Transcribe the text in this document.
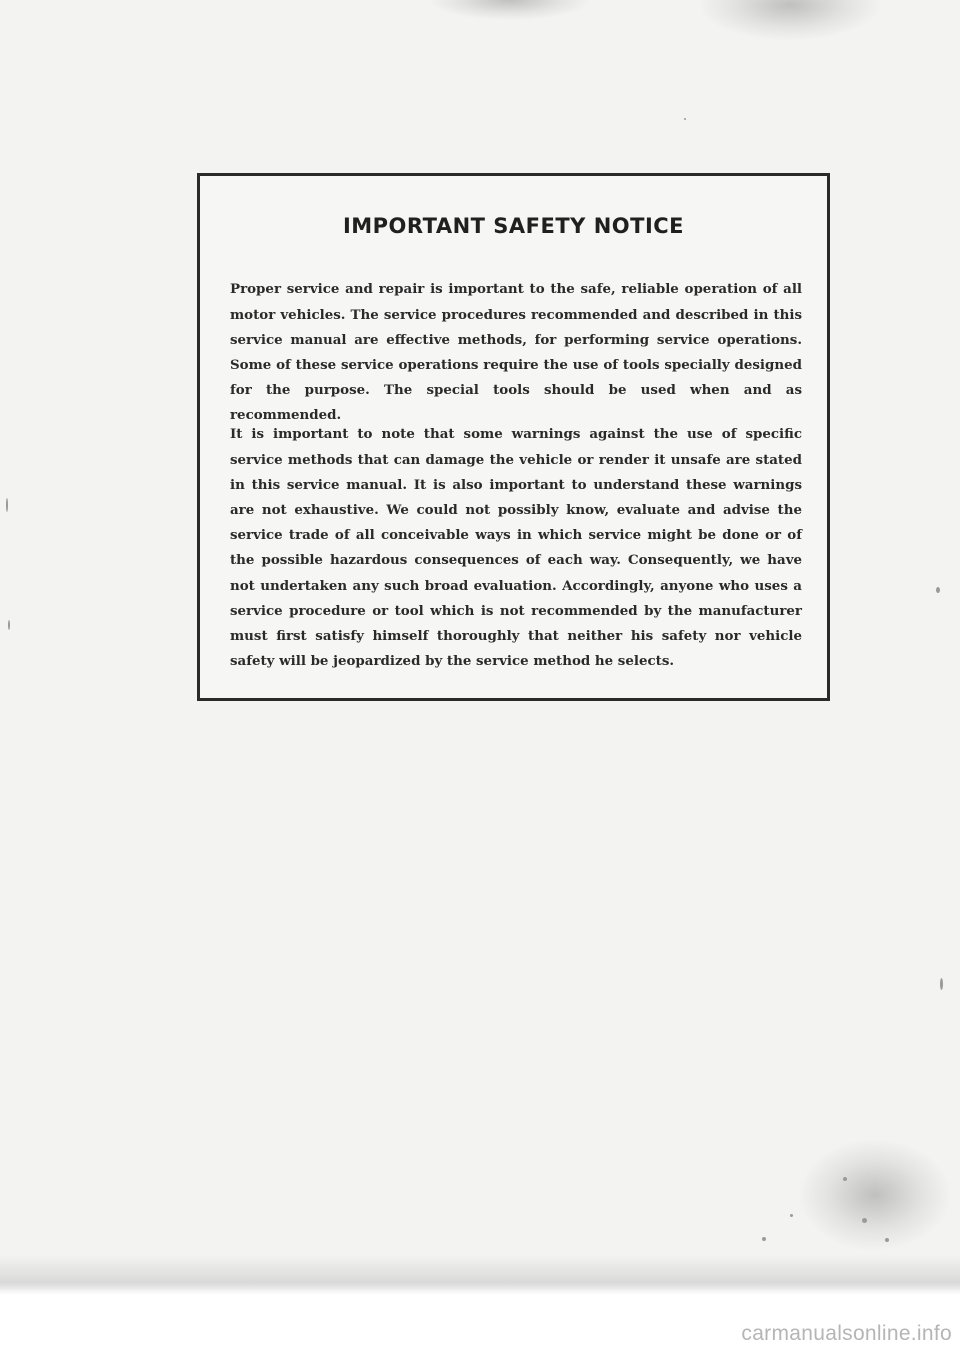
IMPORTANT SAFETY NOTICE

Proper service and repair is important to the safe, reliable operation of all motor vehicles. The service procedures recommended and described in this service manual are effective methods, for performing service operations. Some of these service operations require the use of tools specially designed for the purpose. The special tools should be used when and as recommended.

It is important to note that some warnings against the use of specific service methods that can damage the vehicle or render it unsafe are stated in this service manual. It is also important to understand these warnings are not exhaustive. We could not possibly know, evaluate and advise the service trade of all conceivable ways in which service might be done or of the possible hazardous consequences of each way. Consequently, we have not undertaken any such broad evaluation. Accordingly, anyone who uses a service procedure or tool which is not recommended by the manufacturer must first satisfy himself thoroughly that neither his safety nor vehicle safety will be jeopardized by the service method he selects.

carmanualsonline.info
